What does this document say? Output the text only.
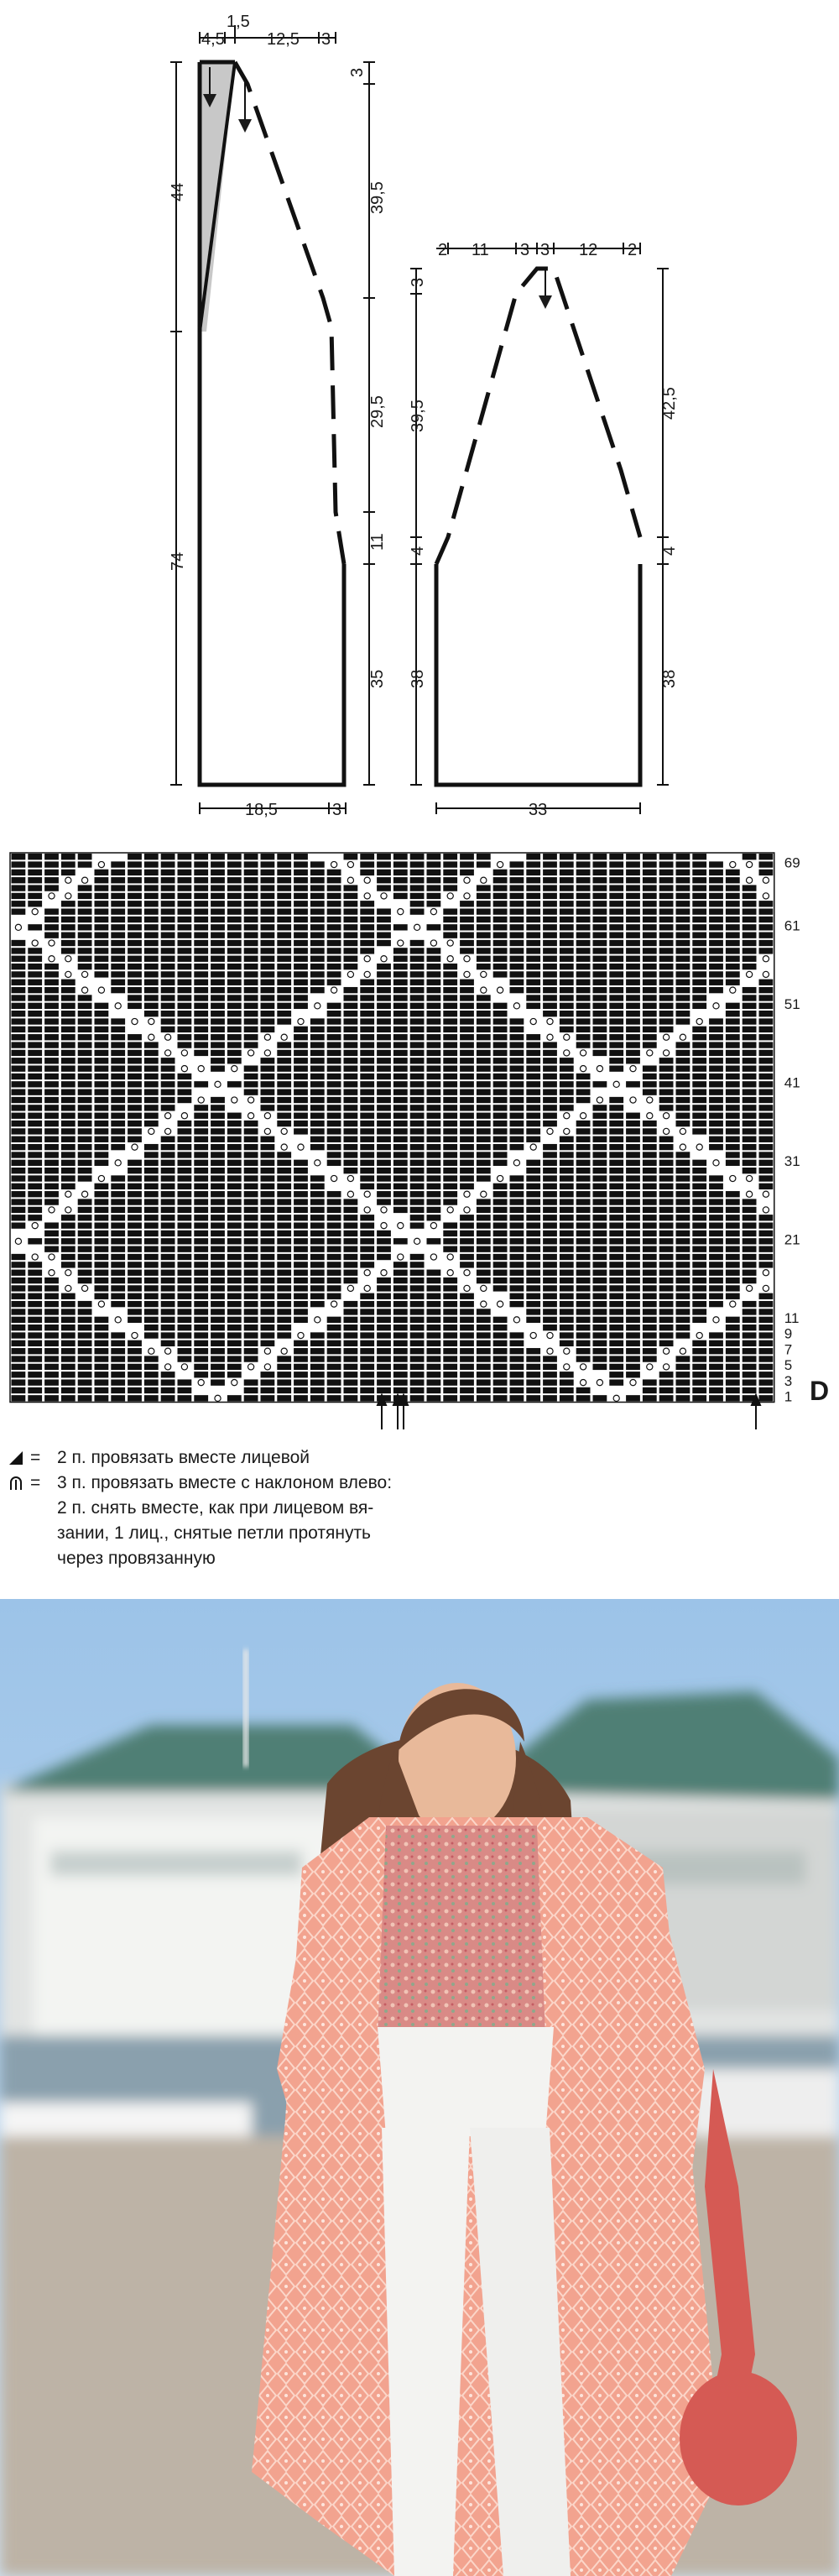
1,5
4,5	12,5 3
44
74
3
39,5
29,5
11
35
18,5	3
2 11 3 3 12 2
3
39,5
4
38
42,5
4
38
33
69
61
51
41
31
21
11
9
7
5
3
1 D
= 2 п. провязать вместе лицевой
= 3 п. провязать вместе с наклоном влево:
2 п. снять вместе, как при лицевом вя-
зании, 1 лиц., снятые петли протянуть
через провязанную
